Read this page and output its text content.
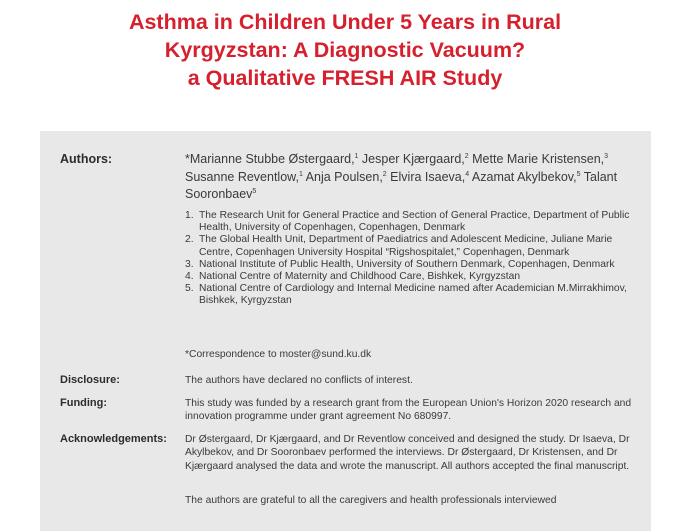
Asthma in Children Under 5 Years in Rural
Kyrgyzstan: A Diagnostic Vacuum?
a Qualitative FRESH AIR Study
Authors:	*Marianne Stubbe Østergaard,$^1$ Jesper Kjærgaard,$^2$ Mette Marie Kristensen,$^3$ Susanne Reventlow,$^1$ Anja Poulsen,$^2$ Elvira Isaeva,$^4$ Azamat Akylbekov,$^5$ Talant Sooronbaev$^5$
1. The Research Unit for General Practice and Section of General Practice, Department of Public Health, University of Copenhagen, Copenhagen, Denmark
2. The Global Health Unit, Department of Paediatrics and Adolescent Medicine, Juliane Marie Centre, Copenhagen University Hospital “Rigshospitalet,” Copenhagen, Denmark
3. National Institute of Public Health, University of Southern Denmark, Copenhagen, Denmark
4. National Centre of Maternity and Childhood Care, Bishkek, Kyrgyzstan
5. National Centre of Cardiology and Internal Medicine named after Academician M.Mirrakhimov, Bishkek, Kyrgyzstan
*Correspondence to moster@sund.ku.dk
Disclosure:	The authors have declared no conflicts of interest.
Funding:	This study was funded by a research grant from the European Union's Horizon 2020 research and innovation programme under grant agreement No 680997.
Acknowledgements: Dr Østergaard, Dr Kjærgaard, and Dr Reventlow conceived and designed the study. Dr Isaeva, Dr Akylbekov, and Dr Sooronbaev performed the interviews. Dr Østergaard, Dr Kristensen, and Dr Kjærgaard analysed the data and wrote the manuscript. All authors accepted the final manuscript.
The authors are grateful to all the caregivers and health professionals interviewed
